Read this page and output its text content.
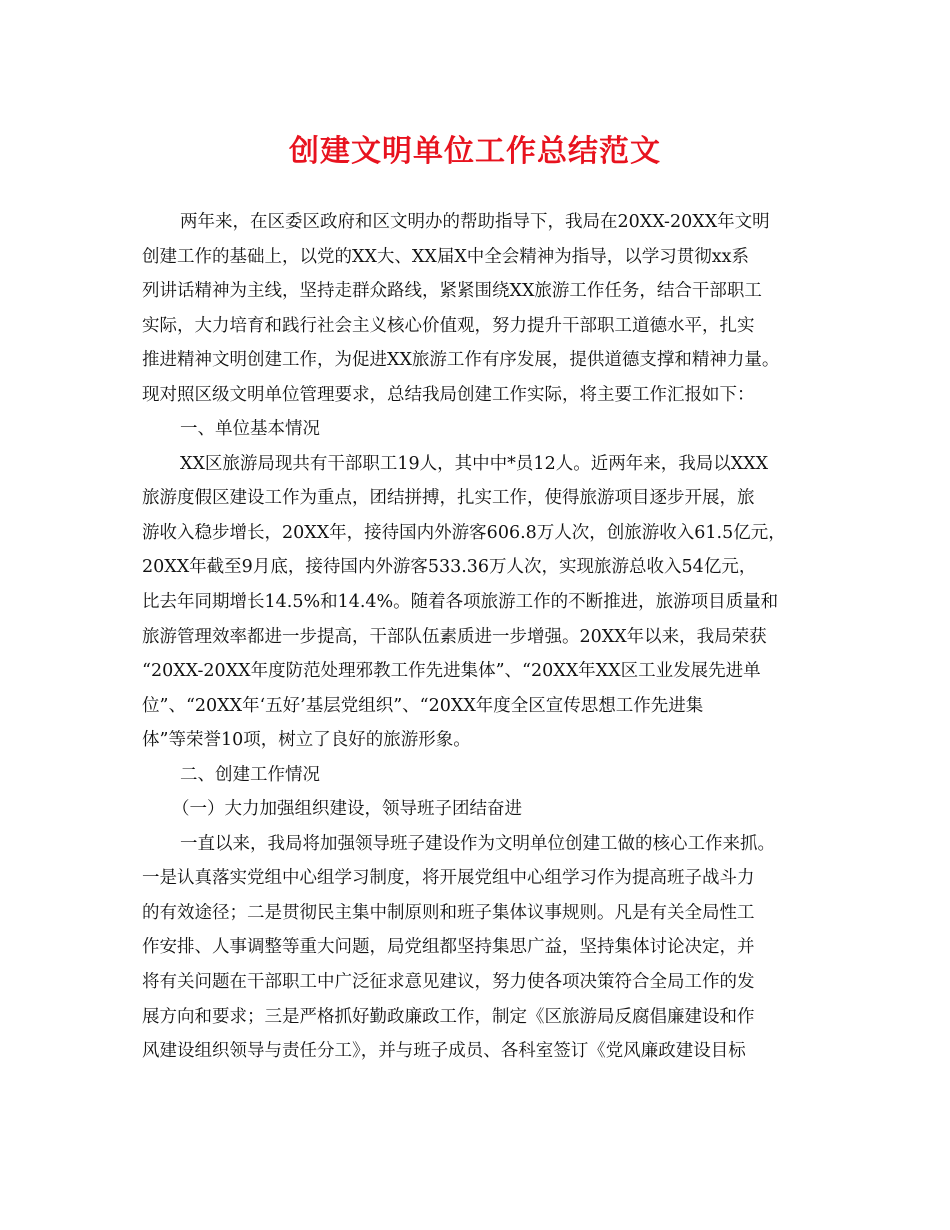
创建文明单位工作总结范文
两年来，在区委区政府和区文明办的帮助指导下，我局在20XX-20XX年文明
创建工作的基础上，以党的XX大、XX届X中全会精神为指导，以学习贯彻xx系
列讲话精神为主线，坚持走群众路线，紧紧围绕XX旅游工作任务，结合干部职工
实际，大力培育和践行社会主义核心价值观，努力提升干部职工道德水平，扎实
推进精神文明创建工作，为促进XX旅游工作有序发展，提供道德支撑和精神力量。
现对照区级文明单位管理要求，总结我局创建工作实际，将主要工作汇报如下：
一、单位基本情况
XX区旅游局现共有干部职工19人，其中中*员12人。近两年来，我局以XXX
旅游度假区建设工作为重点，团结拼搏，扎实工作，使得旅游项目逐步开展，旅
游收入稳步增长，20XX年，接待国内外游客606.8万人次，创旅游收入61.5亿元，
20XX年截至9月底，接待国内外游客533.36万人次，实现旅游总收入54亿元，
比去年同期增长14.5%和14.4%。随着各项旅游工作的不断推进，旅游项目质量和
旅游管理效率都进一步提高，干部队伍素质进一步增强。20XX年以来，我局荣获
“20XX-20XX年度防范处理邪教工作先进集体”、“20XX年XX区工业发展先进单
位”、“20XX年‘五好’基层党组织”、“20XX年度全区宣传思想工作先进集
体”等荣誉10项，树立了良好的旅游形象。
二、创建工作情况
（一）大力加强组织建设，领导班子团结奋进
一直以来，我局将加强领导班子建设作为文明单位创建工做的核心工作来抓。
一是认真落实党组中心组学习制度，将开展党组中心组学习作为提高班子战斗力
的有效途径；二是贯彻民主集中制原则和班子集体议事规则。凡是有关全局性工
作安排、人事调整等重大问题，局党组都坚持集思广益，坚持集体讨论决定，并
将有关问题在干部职工中广泛征求意见建议，努力使各项决策符合全局工作的发
展方向和要求；三是严格抓好勤政廉政工作，制定《区旅游局反腐倡廉建设和作
风建设组织领导与责任分工》，并与班子成员、各科室签订《党风廉政建设目标
